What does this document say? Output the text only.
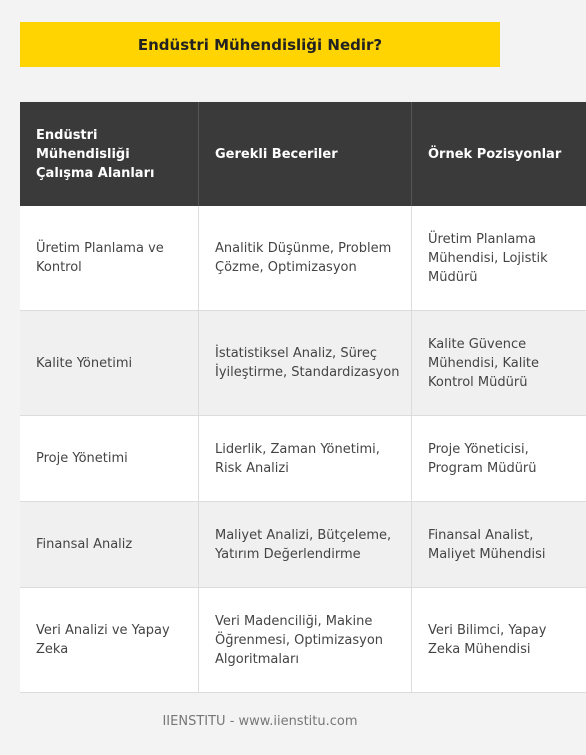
Endüstri Mühendisliği Nedir?
Endüstri Mühendisliği Çalışma Alanları	Gerekli Beceriler	Örnek Pozisyonlar
Üretim Planlama ve Kontrol	Analitik Düşünme, Problem Çözme, Optimizasyon	Üretim Planlama Mühendisi, Lojistik Müdürü
Kalite Yönetimi	İstatistiksel Analiz, Süreç İyileştirme, Standardizasyon	Kalite Güvence Mühendisi, Kalite Kontrol Müdürü
Proje Yönetimi	Liderlik, Zaman Yönetimi, Risk Analizi	Proje Yöneticisi, Program Müdürü
Finansal Analiz	Maliyet Analizi, Bütçeleme, Yatırım Değerlendirme	Finansal Analist, Maliyet Mühendisi
Veri Analizi ve Yapay Zeka	Veri Madenciliği, Makine Öğrenmesi, Optimizasyon Algoritmaları	Veri Bilimci, Yapay Zeka Mühendisi
IIENSTITU - www.iienstitu.com
